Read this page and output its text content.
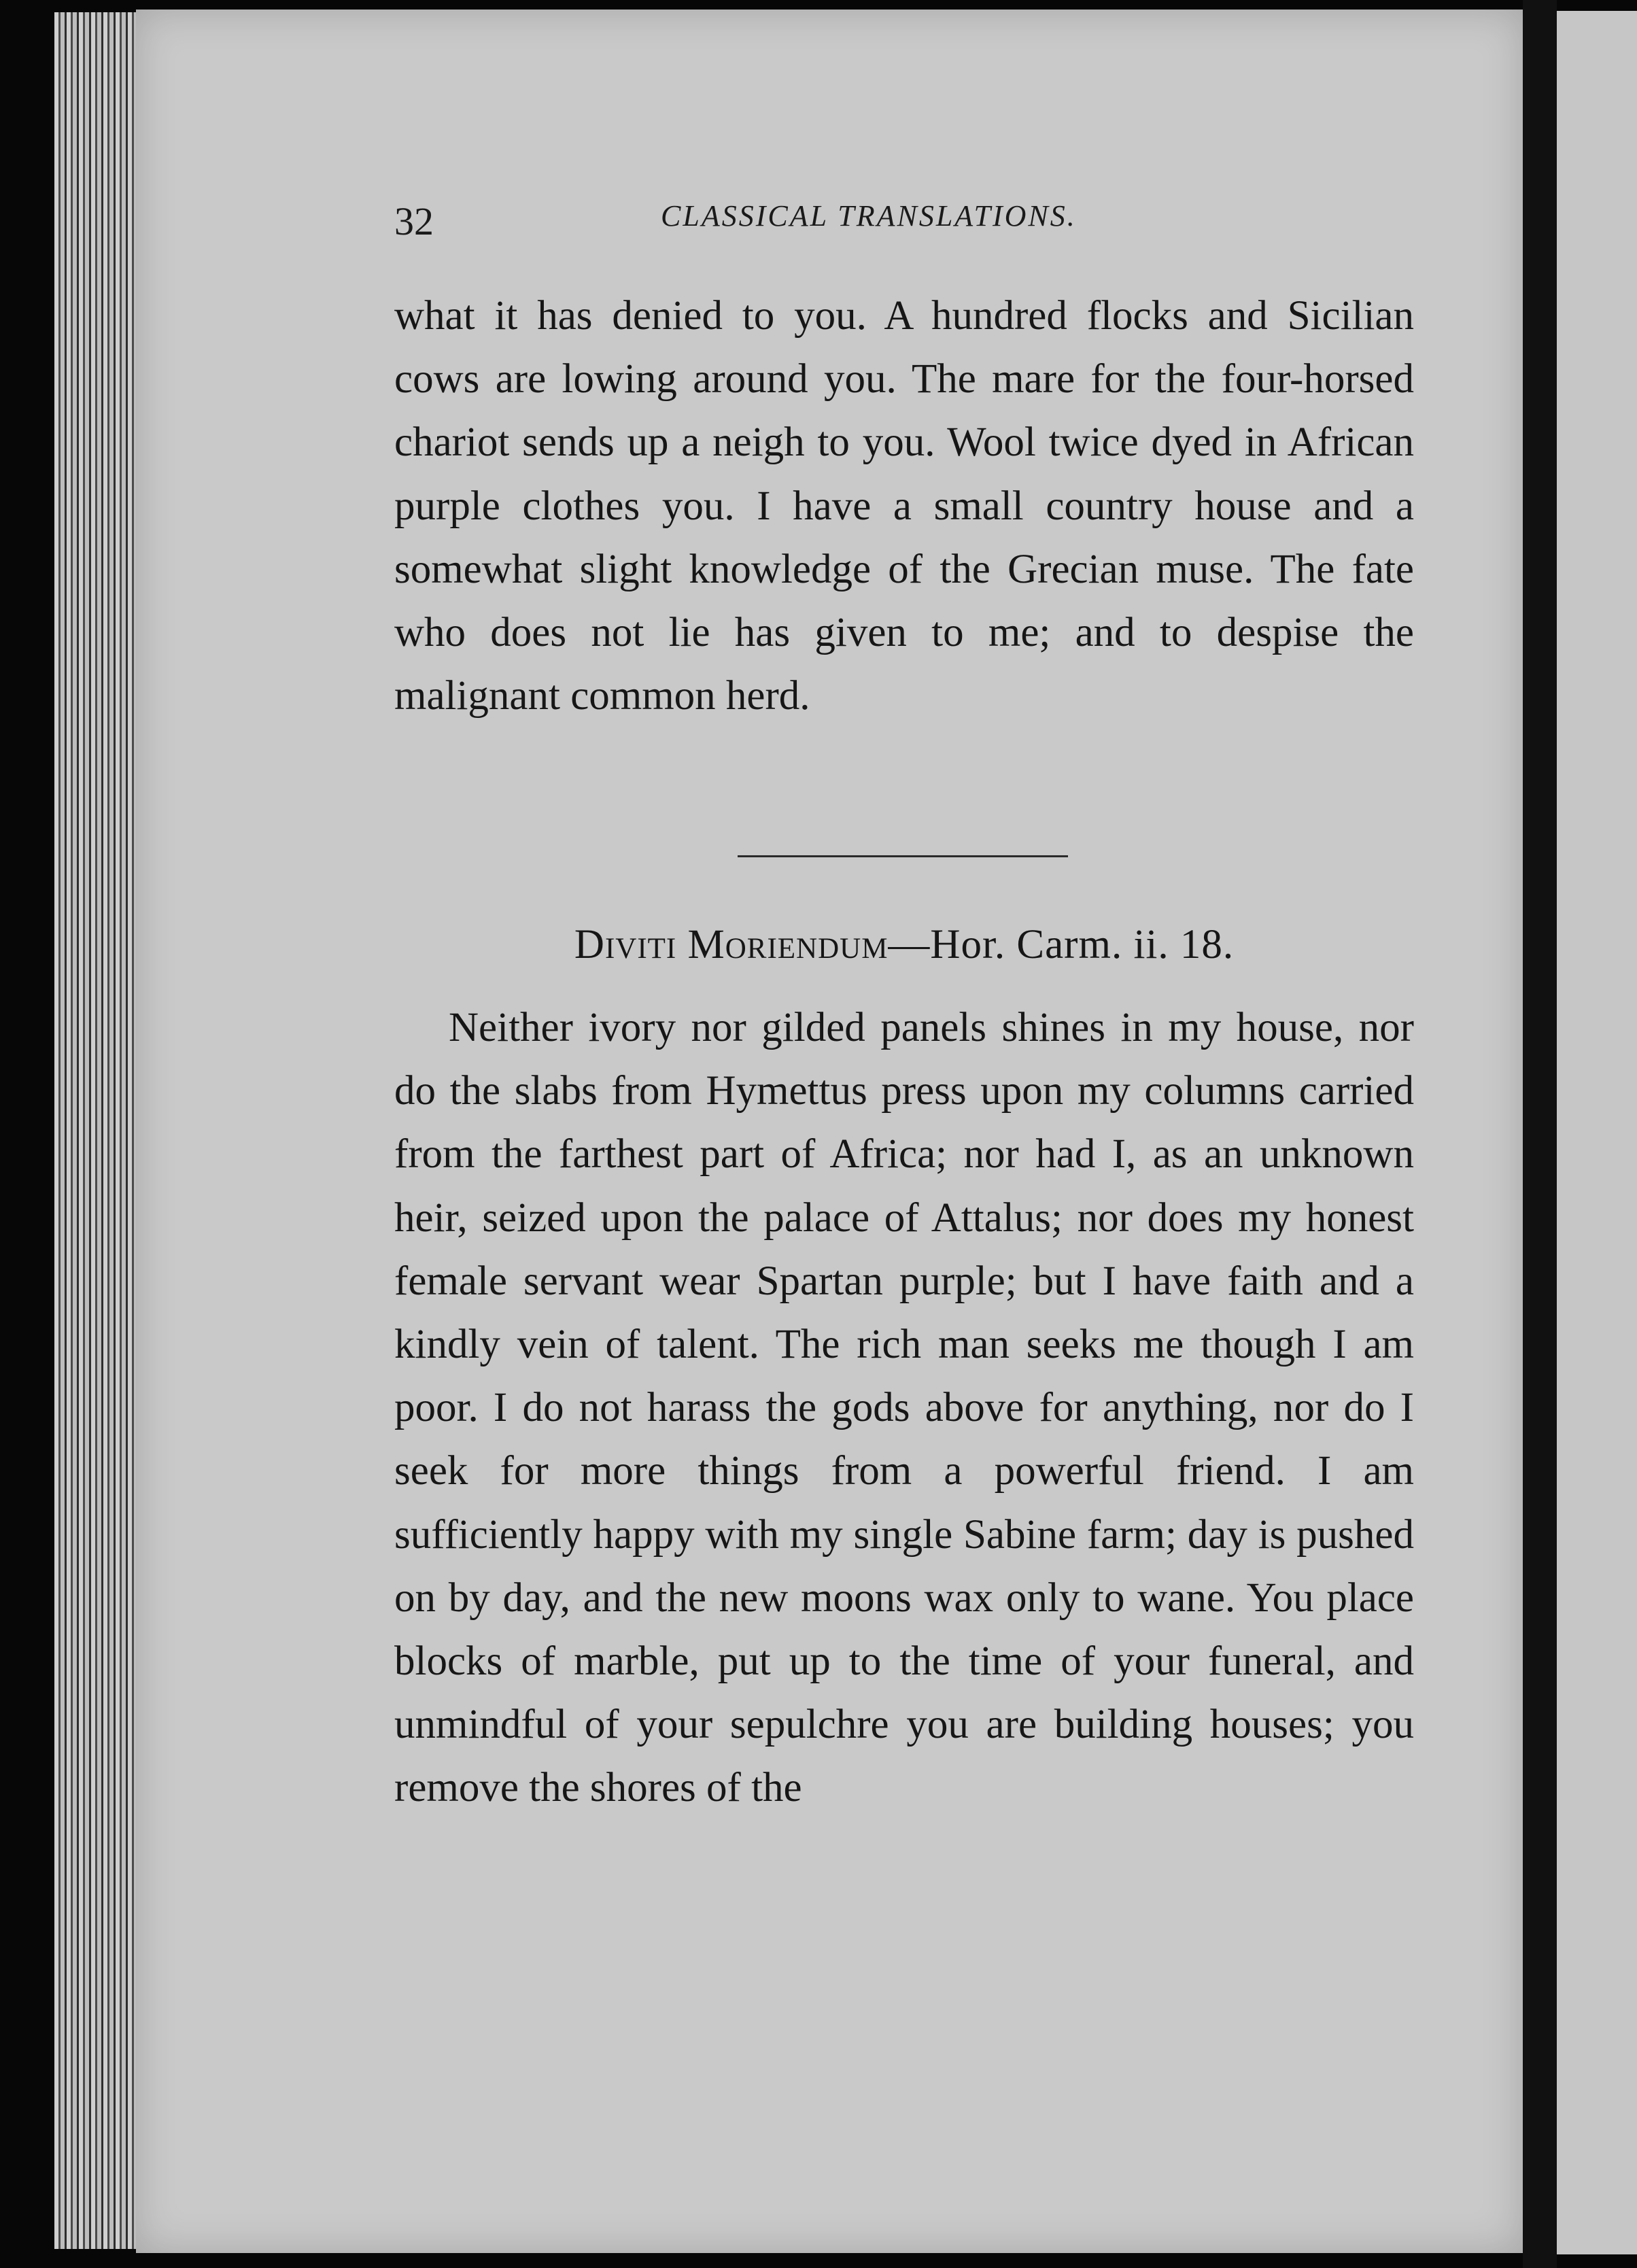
32	CLASSICAL TRANSLATIONS.
what it has denied to you. A hundred flocks and Sicilian cows are lowing around you. The mare for the four-horsed chariot sends up a neigh to you. Wool twice dyed in African purple clothes you. I have a small country house and a somewhat slight knowledge of the Grecian muse. The fate who does not lie has given to me; and to despise the malignant common herd.
Diviti Moriendum—Hor. Carm. ii. 18.
Neither ivory nor gilded panels shines in my house, nor do the slabs from Hymettus press upon my columns carried from the farthest part of Africa; nor had I, as an unknown heir, seized upon the palace of Attalus; nor does my honest female servant wear Spartan purple; but I have faith and a kindly vein of talent. The rich man seeks me though I am poor. I do not harass the gods above for anything, nor do I seek for more things from a powerful friend. I am sufficiently happy with my single Sabine farm; day is pushed on by day, and the new moons wax only to wane. You place blocks of marble, put up to the time of your funeral, and unmindful of your sepulchre you are building houses; you remove the shores of the
